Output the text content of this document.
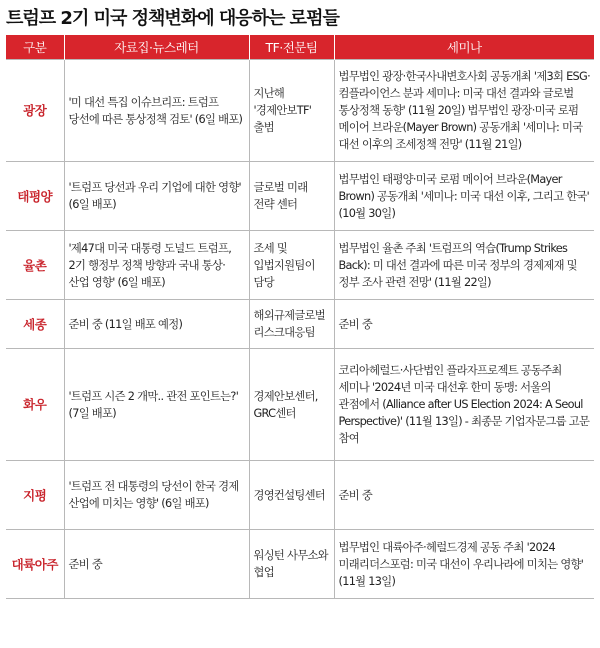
트럼프 2기 미국 정책변화에 대응하는 로펌들
구분	자료집·뉴스레터	TF·전문팀	세미나
광장	'미 대선 특집 이슈브리프: 트럼프 당선에 따른 통상정책 검토' (6일 배포)	지난해 '경제안보TF' 출범	법무법인 광장·한국사내변호사회 공동개최 '제3회 ESG·컴플라이언스 분과 세미나: 미국 대선 결과와 글로벌 통상정책 동향' (11월 20일) 법무법인 광장·미국 로펌 메이어 브라운(Mayer Brown) 공동개최 '세미나: 미국 대선 이후의 조세정책 전망' (11월 21일)
태평양	'트럼프 당선과 우리 기업에 대한 영향' (6일 배포)	글로벌 미래 전략 센터	법무법인 태평양·미국 로펌 메이어 브라운(Mayer Brown) 공동개최 '세미나: 미국 대선 이후, 그리고 한국' (10월 30일)
율촌	'제47대 미국 대통령 도널드 트럼프, 2기 행정부 정책 방향과 국내 통상·산업 영향' (6일 배포)	조세 및 입법지원팀이 담당	법무법인 율촌 주최 '트럼프의 역습(Trump Strikes Back): 미 대선 결과에 따른 미국 정부의 경제제재 및 정부 조사 관련 전망' (11월 22일)
세종	준비 중 (11일 배포 예정)	해외규제글로벌리스크대응팀	준비 중
화우	'트럼프 시즌 2 개막.. 관전 포인트는?' (7일 배포)	경제안보센터, GRC센터	코리아헤럴드·사단법인 플라자프로젝트 공동주최 세미나 '2024년 미국 대선후 한미 동맹: 서울의 관점에서 (Alliance after US Election 2024: A Seoul Perspective)' (11월 13일) - 최종문 기업자문그룹 고문 참여
지평	'트럼프 전 대통령의 당선이 한국 경제 산업에 미치는 영향' (6일 배포)	경영컨설팅센터	준비 중
대륙아주	준비 중	워싱턴 사무소와 협업	법무법인 대륙아주·헤럴드경제 공동 주최 '2024 미래리더스포럼: 미국 대선이 우리나라에 미치는 영향' (11월 13일)
